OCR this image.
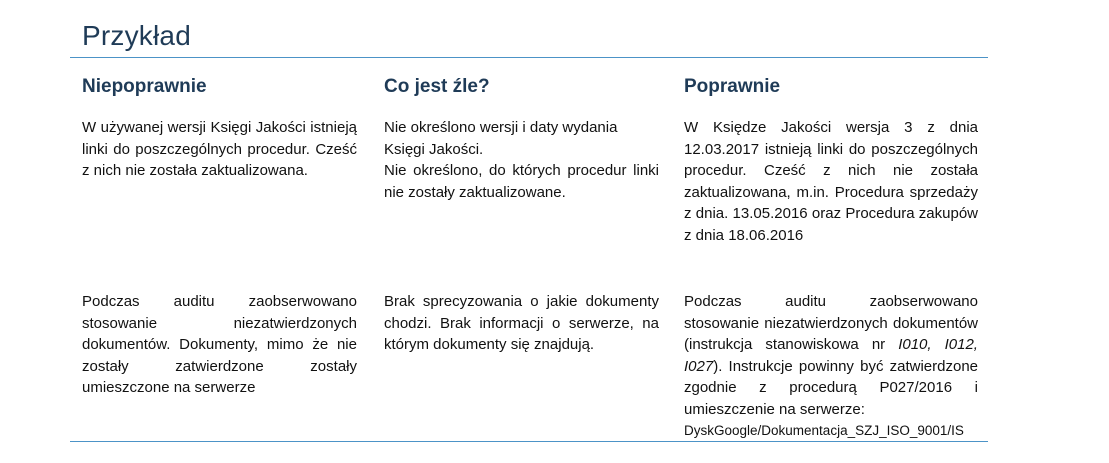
Przykład
Niepoprawnie	Co jest źle?	Poprawnie

W używanej wersji Księgi Jakości istnieją linki do poszczególnych procedur. Cześć z nich nie została zaktualizowana.

Nie określono wersji i daty wydania Księgi Jakości.

Nie określono, do których procedur linki nie zostały zaktualizowane.

W Księdze Jakości wersja 3 z dnia 12.03.2017 istnieją linki do poszczególnych procedur. Cześć z nich nie została zaktualizowana, m.in. Procedura sprzedaży z dnia. 13.05.2016 oraz Procedura zakupów z dnia 18.06.2016

Podczas auditu zaobserwowano stosowanie niezatwierdzonych dokumentów. Dokumenty, mimo że nie zostały zatwierdzone zostały umieszczone na serwerze

Brak sprecyzowania o jakie dokumenty chodzi. Brak informacji o serwerze, na którym dokumenty się znajdują.

Podczas auditu zaobserwowano stosowanie niezatwierdzonych dokumentów (instrukcja stanowiskowa nr I010, I012, I027). Instrukcje powinny być zatwierdzone zgodnie z procedurą P027/2016 i umieszczenie na serwerze:

DyskGoogle/Dokumentacja_SZJ_ISO_9001/IS
